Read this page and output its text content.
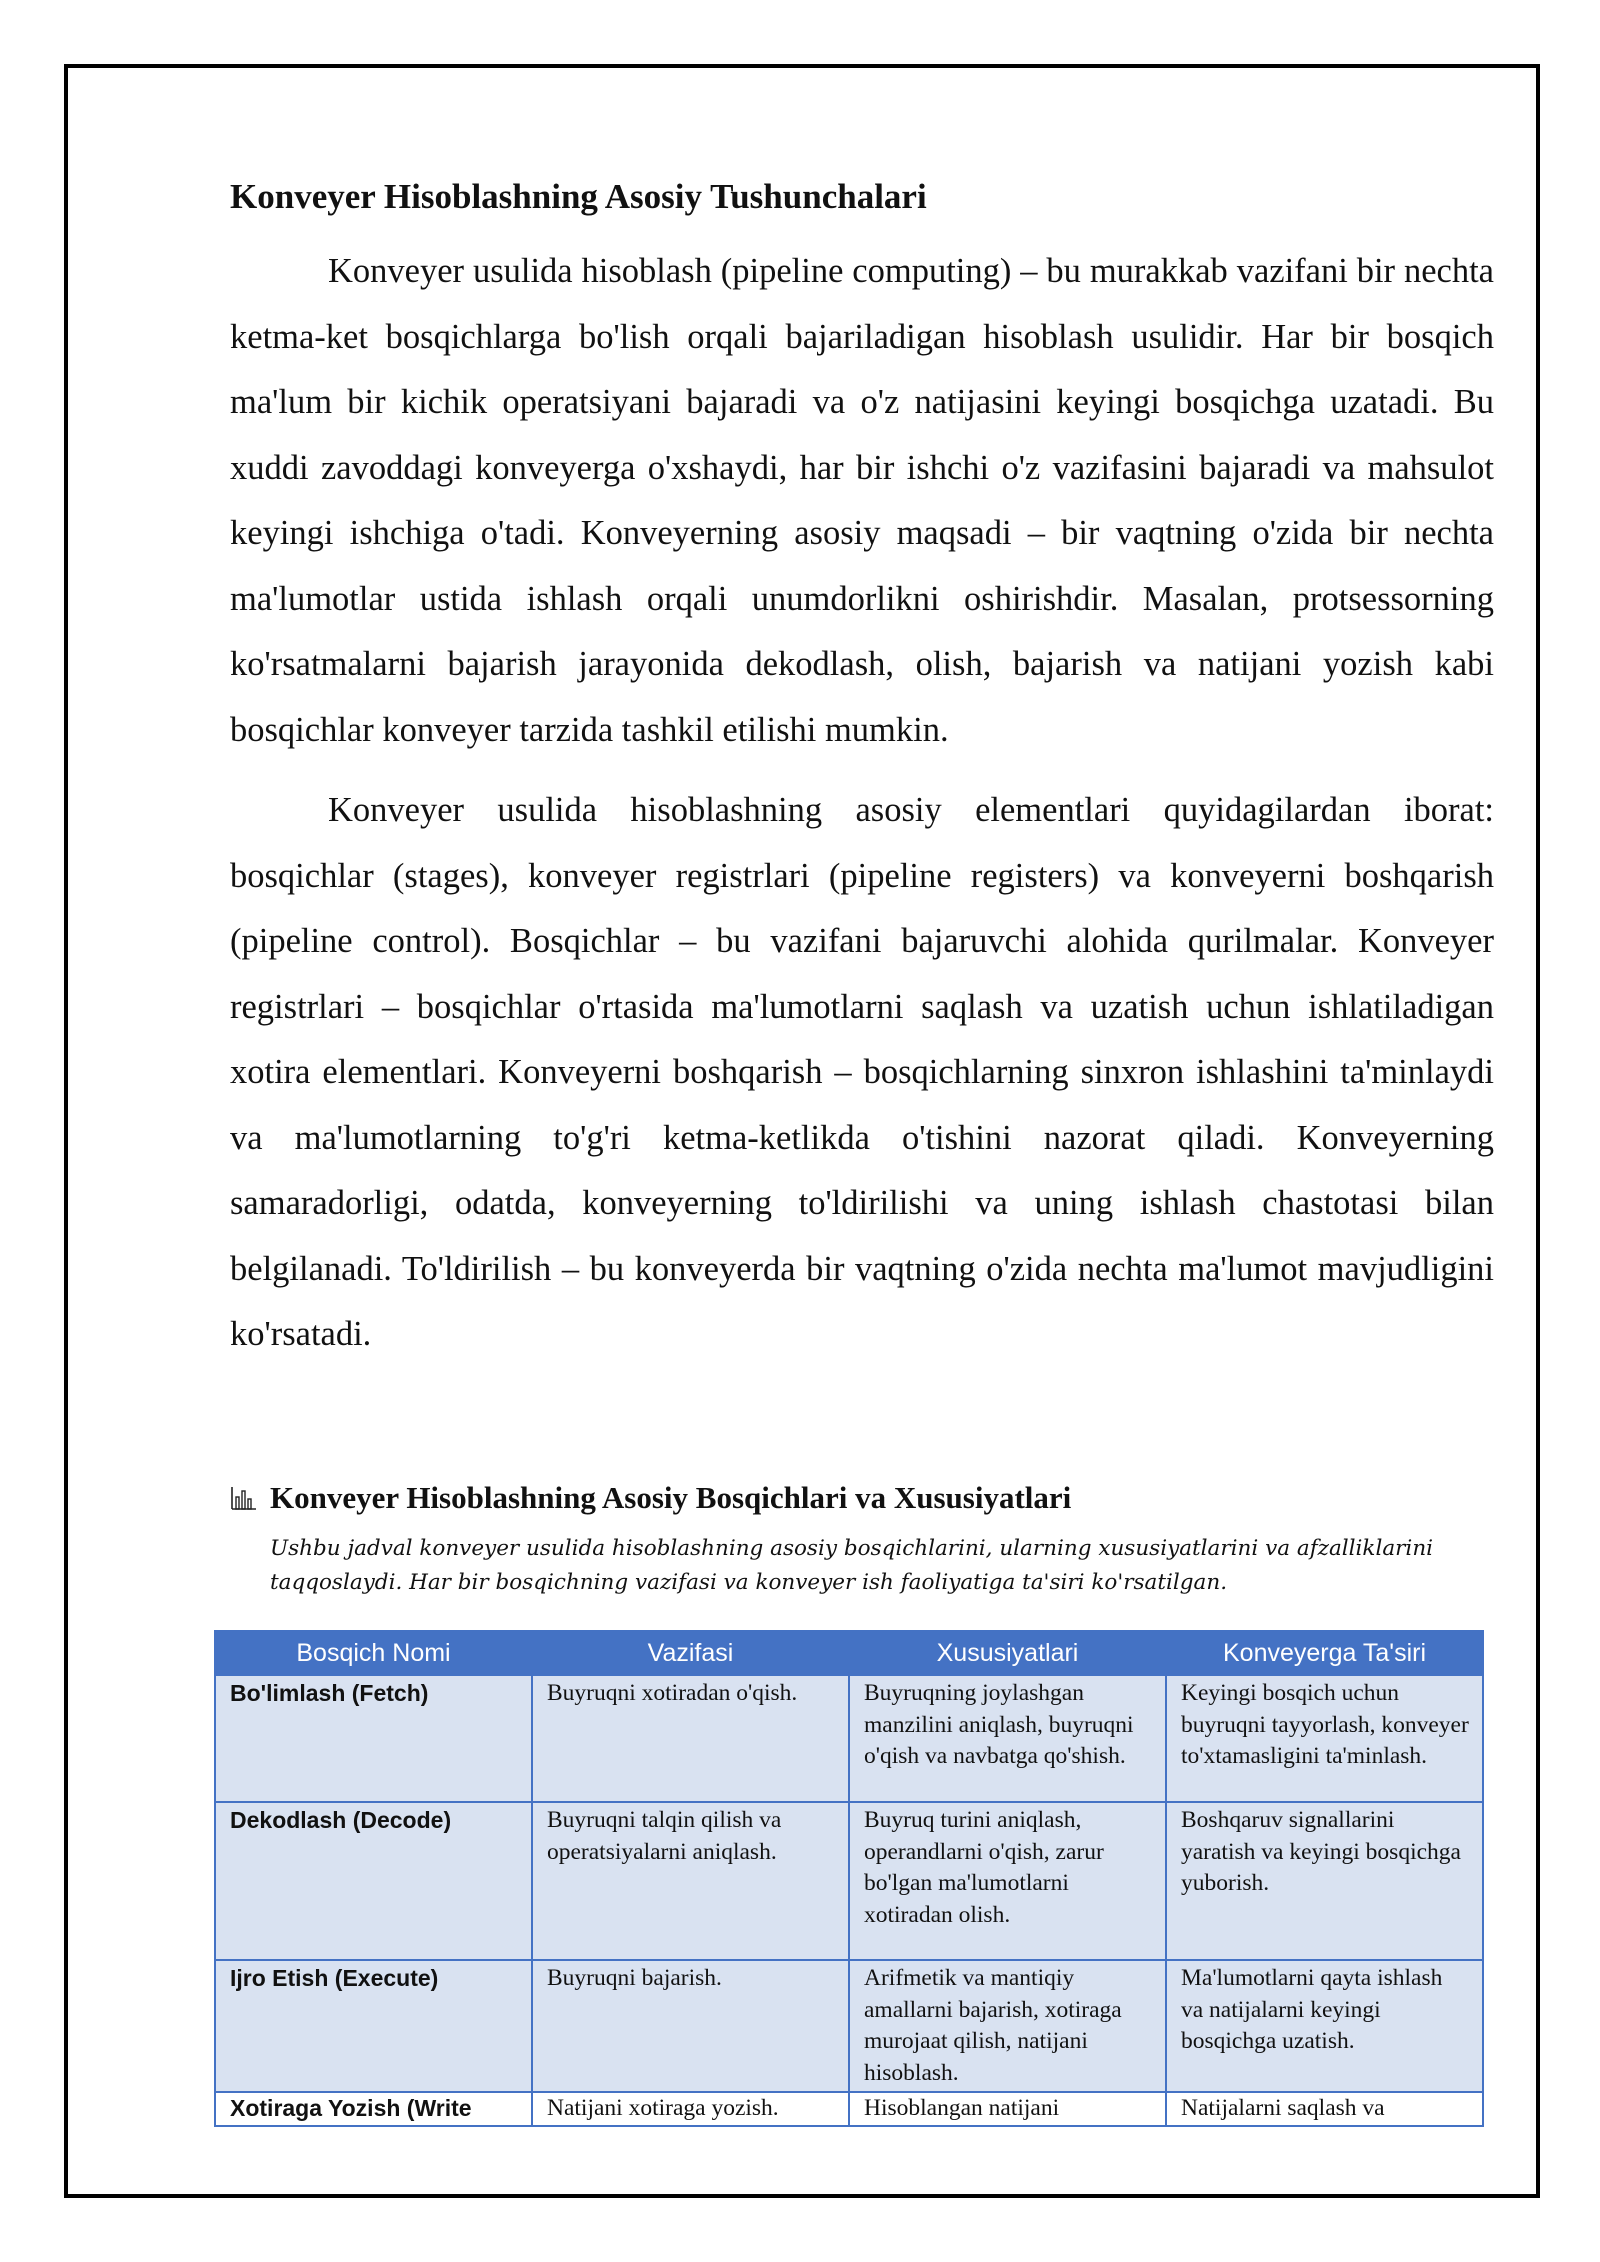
Konveyer Hisoblashning Asosiy Tushunchalari

Konveyer usulida hisoblash (pipeline computing) – bu murakkab vazifani bir nechta ketma-ket bosqichlarga bo'lish orqali bajariladigan hisoblash usulidir. Har bir bosqich ma'lum bir kichik operatsiyani bajaradi va o'z natijasini keyingi bosqichga uzatadi. Bu xuddi zavoddagi konveyerga o'xshaydi, har bir ishchi o'z vazifasini bajaradi va mahsulot keyingi ishchiga o'tadi. Konveyerning asosiy maqsadi – bir vaqtning o'zida bir nechta ma'lumotlar ustida ishlash orqali unumdorlikni oshirishdir. Masalan, protsessorning ko'rsatmalarni bajarish jarayonida dekodlash, olish, bajarish va natijani yozish kabi bosqichlar konveyer tarzida tashkil etilishi mumkin.

Konveyer usulida hisoblashning asosiy elementlari quyidagilardan iborat: bosqichlar (stages), konveyer registrlari (pipeline registers) va konveyerni boshqarish (pipeline control). Bosqichlar – bu vazifani bajaruvchi alohida qurilmalar. Konveyer registrlari – bosqichlar o'rtasida ma'lumotlarni saqlash va uzatish uchun ishlatiladigan xotira elementlari. Konveyerni boshqarish – bosqichlarning sinxron ishlashini ta'minlaydi va ma'lumotlarning to'g'ri ketma-ketlikda o'tishini nazorat qiladi. Konveyerning samaradorligi, odatda, konveyerning to'ldirilishi va uning ishlash chastotasi bilan belgilanadi. To'ldirilish – bu konveyerda bir vaqtning o'zida nechta ma'lumot mavjudligini ko'rsatadi.

Konveyer Hisoblashning Asosiy Bosqichlari va Xususiyatlari
Ushbu jadval konveyer usulida hisoblashning asosiy bosqichlarini, ularning xususiyatlarini va afzalliklarini taqqoslaydi. Har bir bosqichning vazifasi va konveyer ish faoliyatiga ta'siri ko'rsatilgan.
Bosqich Nomi	Vazifasi	Xususiyatlari	Konveyerga Ta'siri
Bo'limlash (Fetch)	Buyruqni xotiradan o'qish.	Buyruqning joylashgan manzilini aniqlash, buyruqni o'qish va navbatga qo'shish.	Keyingi bosqich uchun buyruqni tayyorlash, konveyer to'xtamasligini ta'minlash.
Dekodlash (Decode)	Buyruqni talqin qilish va operatsiyalarni aniqlash.	Buyruq turini aniqlash, operandlarni o'qish, zarur bo'lgan ma'lumotlarni xotiradan olish.	Boshqaruv signallarini yaratish va keyingi bosqichga yuborish.
Ijro Etish (Execute)	Buyruqni bajarish.	Arifmetik va mantiqiy amallarni bajarish, xotiraga murojaat qilish, natijani hisoblash.	Ma'lumotlarni qayta ishlash va natijalarni keyingi bosqichga uzatish.
Xotiraga Yozish (Write	Natijani xotiraga yozish.	Hisoblangan natijani	Natijalarni saqlash va
